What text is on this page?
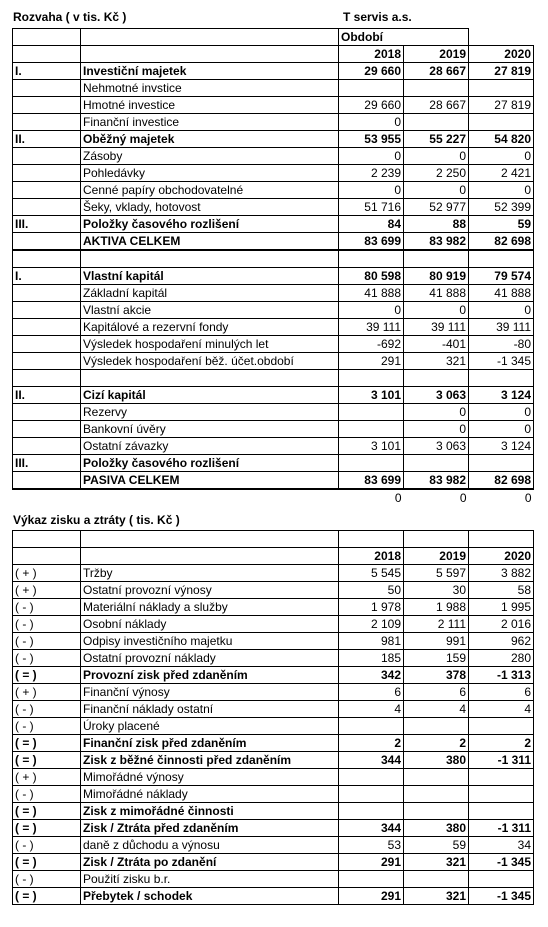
Rozvaha ( v tis. Kč )	T servis a.s.
		Období		
		2018	2019	2020
I.	Investiční majetek	29 660	28 667	27 819
	Nehmotné invstice			
	Hmotné investice	29 660	28 667	27 819
	Finanční investice	0		
II.	Oběžný majetek	53 955	55 227	54 820
	Zásoby	0	0	0
	Pohledávky	2 239	2 250	2 421
	Cenné papíry obchodovatelné	0	0	0
	Šeky, vklady, hotovost	51 716	52 977	52 399
III.	Položky časového rozlišení	84	88	59
	AKTIVA CELKEM	83 699	83 982	82 698

I.	Vlastní kapitál	80 598	80 919	79 574
	Základní kapitál	41 888	41 888	41 888
	Vlastní akcie	0	0	0
	Kapitálové a rezervní fondy	39 111	39 111	39 111
	Výsledek hospodaření minulých let	-692	-401	-80
	Výsledek hospodaření běž. účet.období	291	321	-1 345

II.	Cizí kapitál	3 101	3 063	3 124
	Rezervy		0	0
	Bankovní úvěry		0	0
	Ostatní závazky	3 101	3 063	3 124
III.	Položky časového rozlišení			
	PASIVA CELKEM	83 699	83 982	82 698
		0	0	0
Výkaz zisku a ztráty ( tis. Kč )

		2018	2019	2020
( + )	Tržby	5 545	5 597	3 882
( + )	Ostatní provozní výnosy	50	30	58
( - )	Materiální náklady a služby	1 978	1 988	1 995
( - )	Osobní náklady	2 109	2 111	2 016
( - )	Odpisy investičního majetku	981	991	962
( - )	Ostatní provozní náklady	185	159	280
( = )	Provozní zisk před zdaněním	342	378	-1 313
( + )	Finanční výnosy	6	6	6
( - )	Finanční náklady ostatní	4	4	4
( - )	Úroky placené			
( = )	Finanční zisk před zdaněním	2	2	2
( = )	Zisk z běžné činnosti před zdaněním	344	380	-1 311
( + )	Mimořádné výnosy			
( - )	Mimořádné náklady			
( = )	Zisk z mimořádné činnosti			
( = )	Zisk / Ztráta před zdaněním	344	380	-1 311
( - )	daně z důchodu a výnosu	53	59	34
( = )	Zisk / Ztráta po zdanění	291	321	-1 345
( - )	Použití zisku b.r.			
( = )	Přebytek / schodek	291	321	-1 345
